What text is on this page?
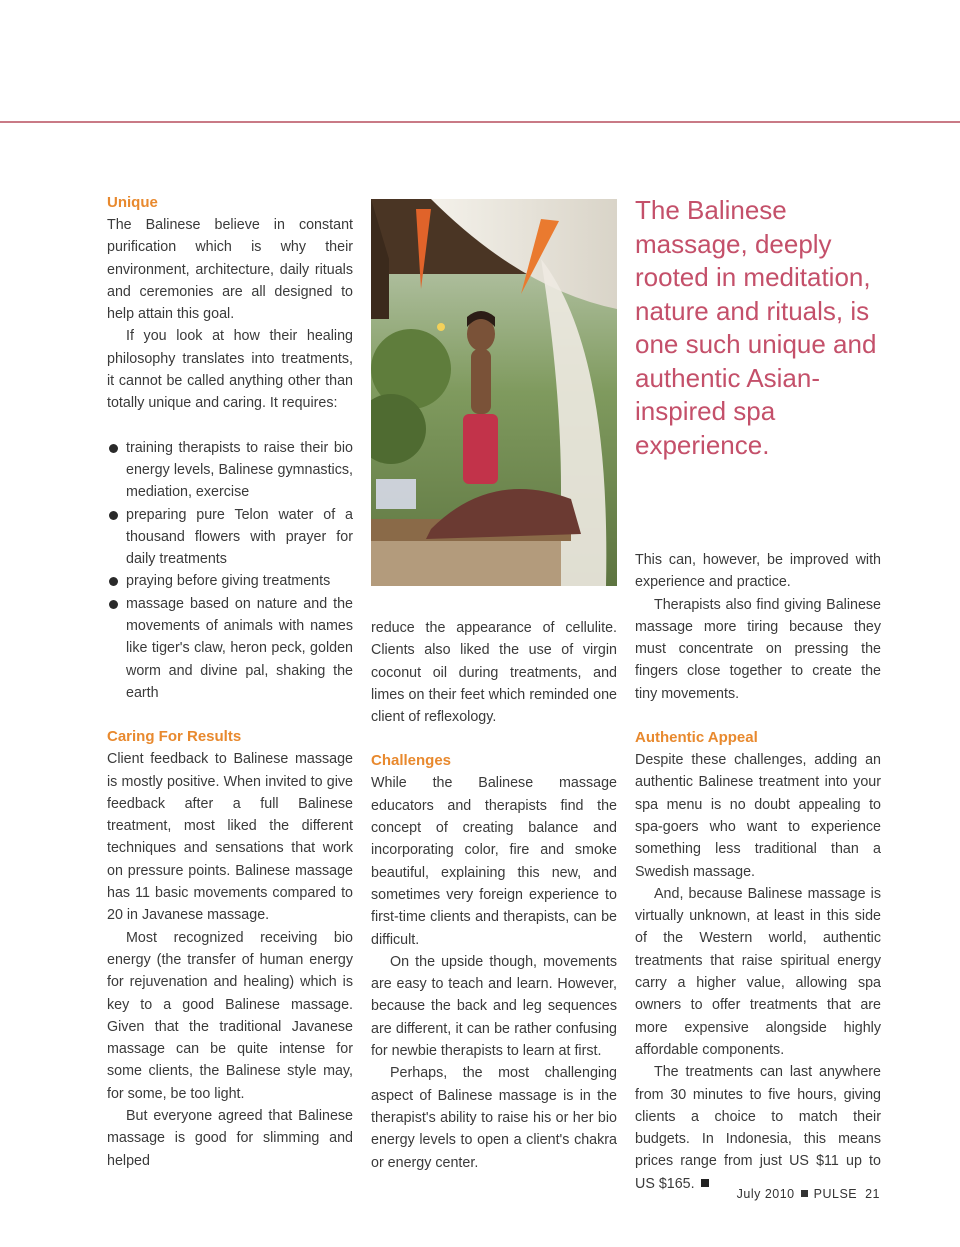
Unique

The Balinese believe in constant purification which is why their environment, architecture, daily rituals and ceremonies are all designed to help attain this goal.

If you look at how their healing philosophy translates into treatments, it cannot be called anything other than totally unique and caring. It requires:

training therapists to raise their bio energy levels, Balinese gymnastics, mediation, exercise
preparing pure Telon water of a thousand flowers with prayer for daily treatments
praying before giving treatments
massage based on nature and the movements of animals with names like tiger's claw, heron peck, golden worm and divine pal, shaking the earth
Caring For Results

Client feedback to Balinese massage is mostly positive. When invited to give feedback after a full Balinese treatment, most liked the different techniques and sensations that work on pressure points. Balinese massage has 11 basic movements compared to 20 in Javanese massage.

Most recognized receiving bio energy (the transfer of human energy for rejuvenation and healing) which is key to a good Balinese massage. Given that the traditional Javanese massage can be quite intense for some clients, the Balinese style may, for some, be too light.

But everyone agreed that Balinese massage is good for slimming and helped

reduce the appearance of cellulite. Clients also liked the use of virgin coconut oil during treatments, and limes on their feet which reminded one client of reflexology.

Challenges

While the Balinese massage educators and therapists find the concept of creating balance and incorporating color, fire and smoke beautiful, explaining this new, and sometimes very foreign experience to first-time clients and therapists, can be difficult.

On the upside though, movements are easy to teach and learn. However, because the back and leg sequences are different, it can be rather confusing for newbie therapists to learn at first.

Perhaps, the most challenging aspect of Balinese massage is in the therapist's ability to raise his or her bio energy levels to open a client's chakra or energy center.

The Balinese massage, deeply rooted in meditation, nature and rituals, is one such unique and authentic Asian-inspired spa experience.

This can, however, be improved with experience and practice.

Therapists also find giving Balinese massage more tiring because they must concentrate on pressing the fingers close together to create the tiny movements.

Authentic Appeal

Despite these challenges, adding an authentic Balinese treatment into your spa menu is no doubt appealing to spa-goers who want to experience something less traditional than a Swedish massage.

And, because Balinese massage is virtually unknown, at least in this side of the Western world, authentic treatments that raise spiritual energy carry a higher value, allowing spa owners to offer treatments that are more expensive alongside highly affordable components.

The treatments can last anywhere from 30 minutes to five hours, giving clients a choice to match their budgets. In Indonesia, this means prices range from just US $11 up to US $165.

July 2010 PULSE 21
